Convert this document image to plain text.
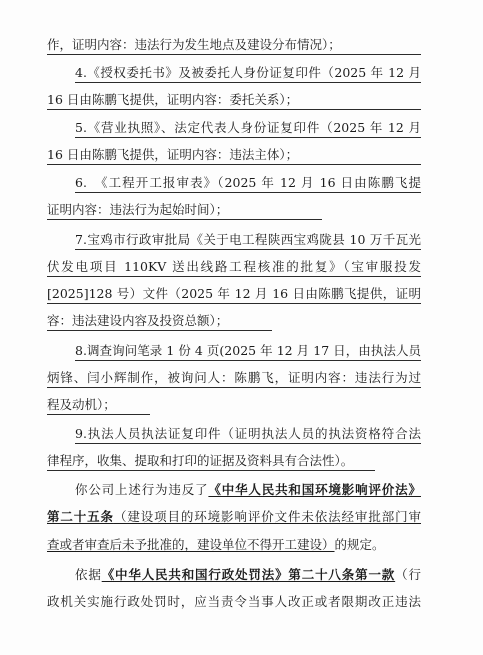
作，证明内容：违法行为发生地点及建设分布情况）；
4.《授权委托书》及被委托人身份证复印件（2025 年 12 月
16 日由陈鹏飞提供，证明内容：委托关系）；
5.《营业执照》、法定代表人身份证复印件（2025 年 12 月
16 日由陈鹏飞提供，证明内容：违法主体）；
6. 《工程开工报审表》（2025 年 12 月 16 日由陈鹏飞提
证明内容：违法行为起始时间）；
7.宝鸡市行政审批局《关于电工程陕西宝鸡陇县 10 万千瓦光
伏发电项目 110KV 送出线路工程核准的批复》（宝审服投发
[2025]128 号）文件（2025 年 12 月 16 日由陈鹏飞提供，证明
容：违法建设内容及投资总额）；
8.调查询问笔录 1 份 4 页(2025 年 12 月 17 日，由执法人员
炳锋、闫小辉制作，被询问人：陈鹏飞，证明内容：违法行为过
程及动机）；
9.执法人员执法证复印件（证明执法人员的执法资格符合法
律程序，收集、提取和打印的证据及资料具有合法性）。
你公司上述行为违反了《中华人民共和国环境影响评价法》
第二十五条（建设项目的环境影响评价文件未依法经审批部门审
查或者审查后未予批准的，建设单位不得开工建设）的规定。
依据《中华人民共和国行政处罚法》第二十八条第一款（行
政机关实施行政处罚时，应当责令当事人改正或者限期改正违法
